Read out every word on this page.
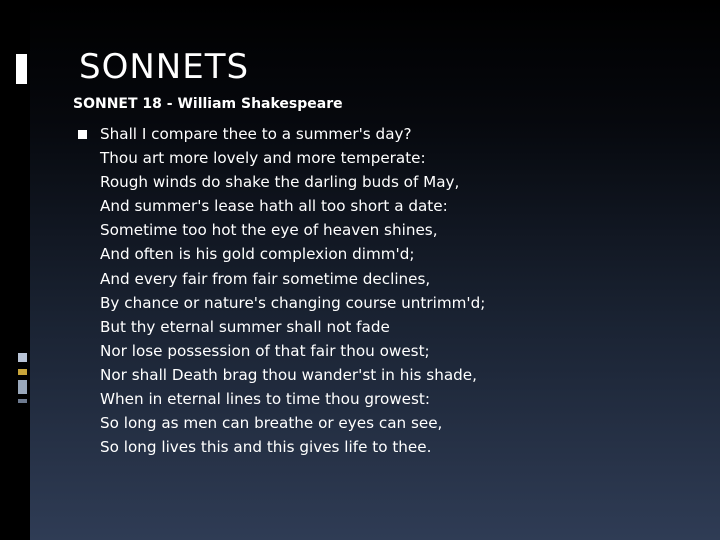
SONNETS
SONNET 18 - William Shakespeare
Shall I compare thee to a summer's day?
Thou art more lovely and more temperate:
Rough winds do shake the darling buds of May,
And summer's lease hath all too short a date:
Sometime too hot the eye of heaven shines,
And often is his gold complexion dimm'd;
And every fair from fair sometime declines,
By chance or nature's changing course untrimm'd;
But thy eternal summer shall not fade
Nor lose possession of that fair thou owest;
Nor shall Death brag thou wander'st in his shade,
When in eternal lines to time thou growest:
So long as men can breathe or eyes can see,
So long lives this and this gives life to thee.
